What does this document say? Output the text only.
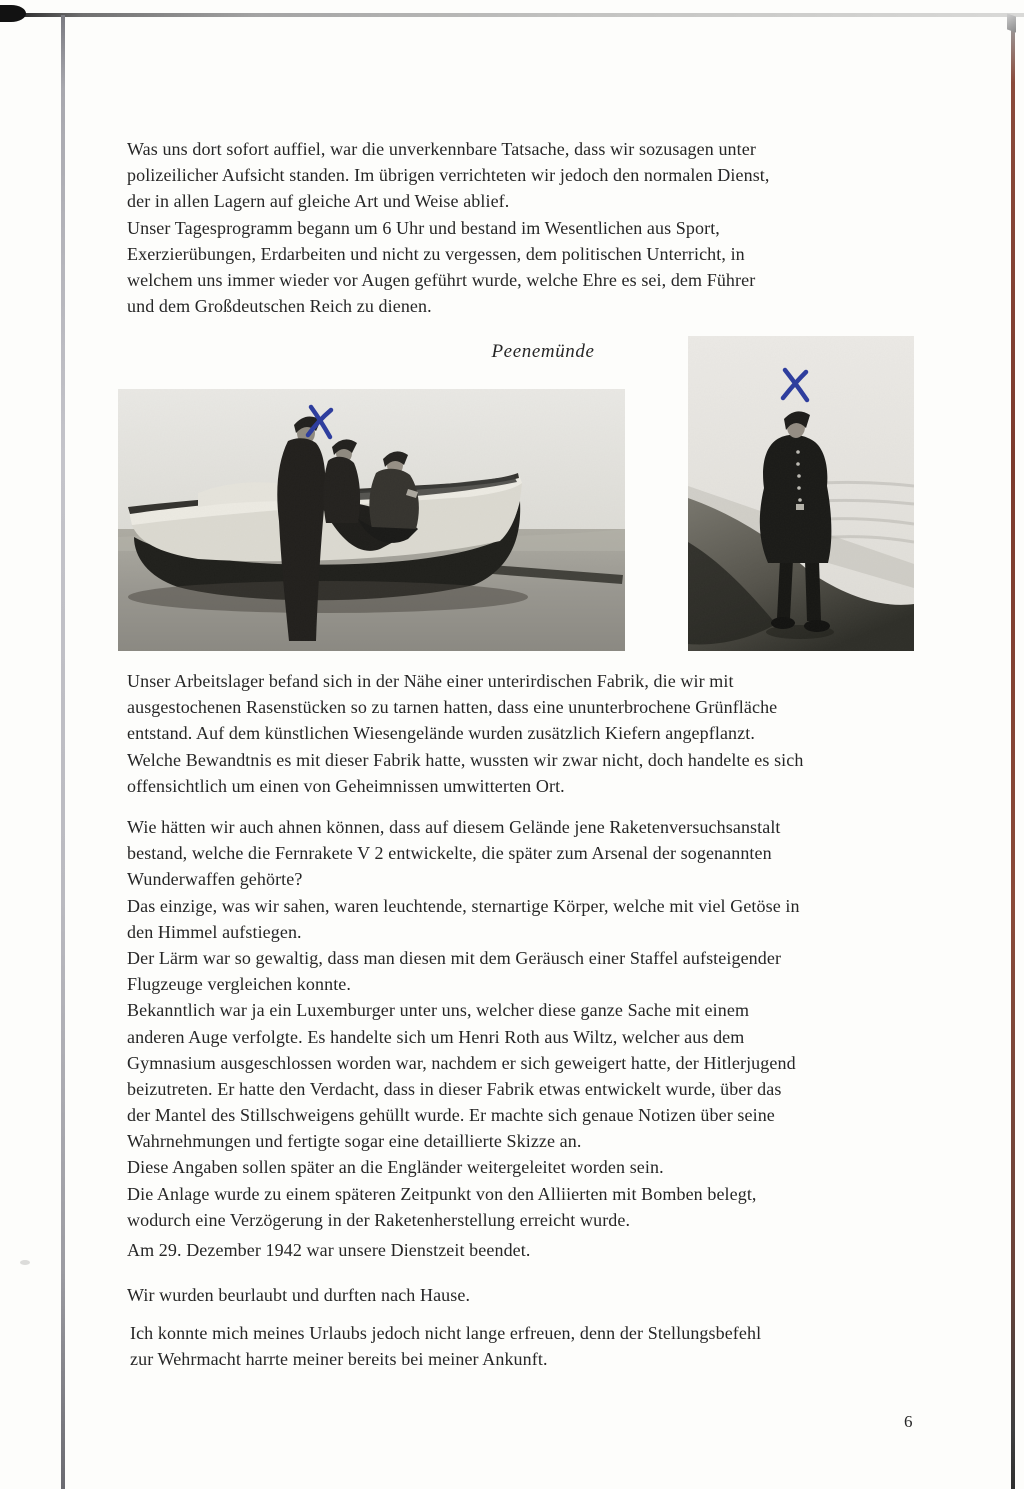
Was uns dort sofort auffiel, war die unverkennbare Tatsache, dass wir sozusagen unter
polizeilicher Aufsicht standen. Im übrigen verrichteten wir jedoch den normalen Dienst,
der in allen Lagern auf gleiche Art und Weise ablief.
Unser Tagesprogramm begann um 6 Uhr und bestand im Wesentlichen aus Sport,
Exerzierübungen, Erdarbeiten und nicht zu vergessen, dem politischen Unterricht, in
welchem uns immer wieder vor Augen geführt wurde, welche Ehre es sei, dem Führer
und dem Großdeutschen Reich zu dienen.
Peenemünde
Unser Arbeitslager befand sich in der Nähe einer unterirdischen Fabrik, die wir mit
ausgestochenen Rasenstücken so zu tarnen hatten, dass eine ununterbrochene Grünfläche
entstand. Auf dem künstlichen Wiesengelände wurden zusätzlich Kiefern angepflanzt.
Welche Bewandtnis es mit dieser Fabrik hatte, wussten wir zwar nicht, doch handelte es sich
offensichtlich um einen von Geheimnissen umwitterten Ort.
Wie hätten wir auch ahnen können, dass auf diesem Gelände jene Raketenversuchsanstalt
bestand, welche die Fernrakete V 2 entwickelte, die später zum Arsenal der sogenannten
Wunderwaffen gehörte?
Das einzige, was wir sahen, waren leuchtende, sternartige Körper, welche mit viel Getöse in
den Himmel aufstiegen.
Der Lärm war so gewaltig, dass man diesen mit dem Geräusch einer Staffel aufsteigender
Flugzeuge vergleichen konnte.
Bekanntlich war ja ein Luxemburger unter uns, welcher diese ganze Sache mit einem
anderen Auge verfolgte. Es handelte sich um Henri Roth aus Wiltz, welcher aus dem
Gymnasium ausgeschlossen worden war, nachdem er sich geweigert hatte, der Hitlerjugend
beizutreten. Er hatte den Verdacht, dass in dieser Fabrik etwas entwickelt wurde, über das
der Mantel des Stillschweigens gehüllt wurde. Er machte sich genaue Notizen über seine
Wahrnehmungen und fertigte sogar eine detaillierte Skizze an.
Diese Angaben sollen später an die Engländer weitergeleitet worden sein.
Die Anlage wurde zu einem späteren Zeitpunkt von den Alliierten mit Bomben belegt,
wodurch eine Verzögerung in der Raketenherstellung erreicht wurde.
Am 29. Dezember 1942 war unsere Dienstzeit beendet.
Wir wurden beurlaubt und durften nach Hause.
Ich konnte mich meines Urlaubs jedoch nicht lange erfreuen, denn der Stellungsbefehl
zur Wehrmacht harrte meiner bereits bei meiner Ankunft.
6
